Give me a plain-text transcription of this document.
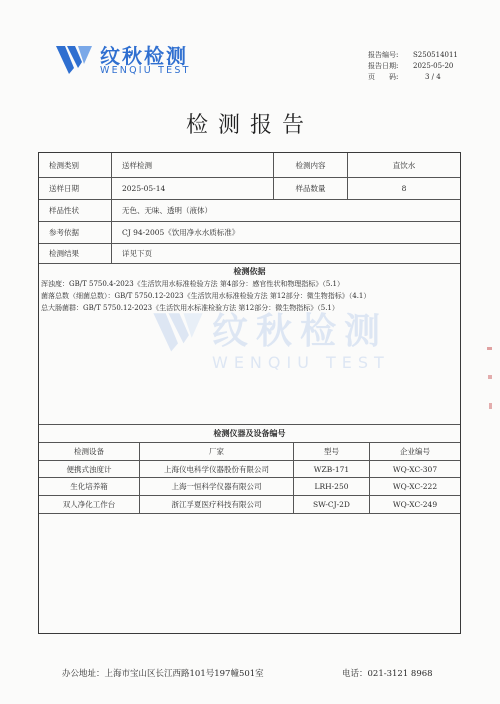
纹秋检测
WENQIU TEST
报告编号:	S250514011
报告日期:	2025-05-20
页　　码:	3 / 4
检测报告
检测类别	送样检测	检测内容	直饮水
送样日期	2025-05-14	样品数量	8
样品性状	无色、无味、透明（液体）
参考依据	CJ 94-2005《饮用净水水质标准》
检测结果	详见下页
检测依据
浑浊度：GB/T 5750.4-2023《生活饮用水标准检验方法 第4部分：感官性状和物理指标》（5.1）
菌落总数（细菌总数）：GB/T 5750.12-2023《生活饮用水标准检验方法 第12部分：微生物指标》（4.1）
总大肠菌群：GB/T 5750.12-2023《生活饮用水标准检验方法 第12部分：微生物指标》（5.1）
检测仪器及设备编号
检测设备	厂家	型号	企业编号
便携式浊度计	上海仪电科学仪器股份有限公司	WZB-171	WQ-XC-307
生化培养箱	上海一恒科学仪器有限公司	LRH-250	WQ-XC-222
双人净化工作台	浙江孚夏医疗科技有限公司	SW-CJ-2D	WQ-XC-249
纹秋检测
WENQIU TEST
办公地址：上海市宝山区长江西路101号197幢501室	电话：021-3121 8968
